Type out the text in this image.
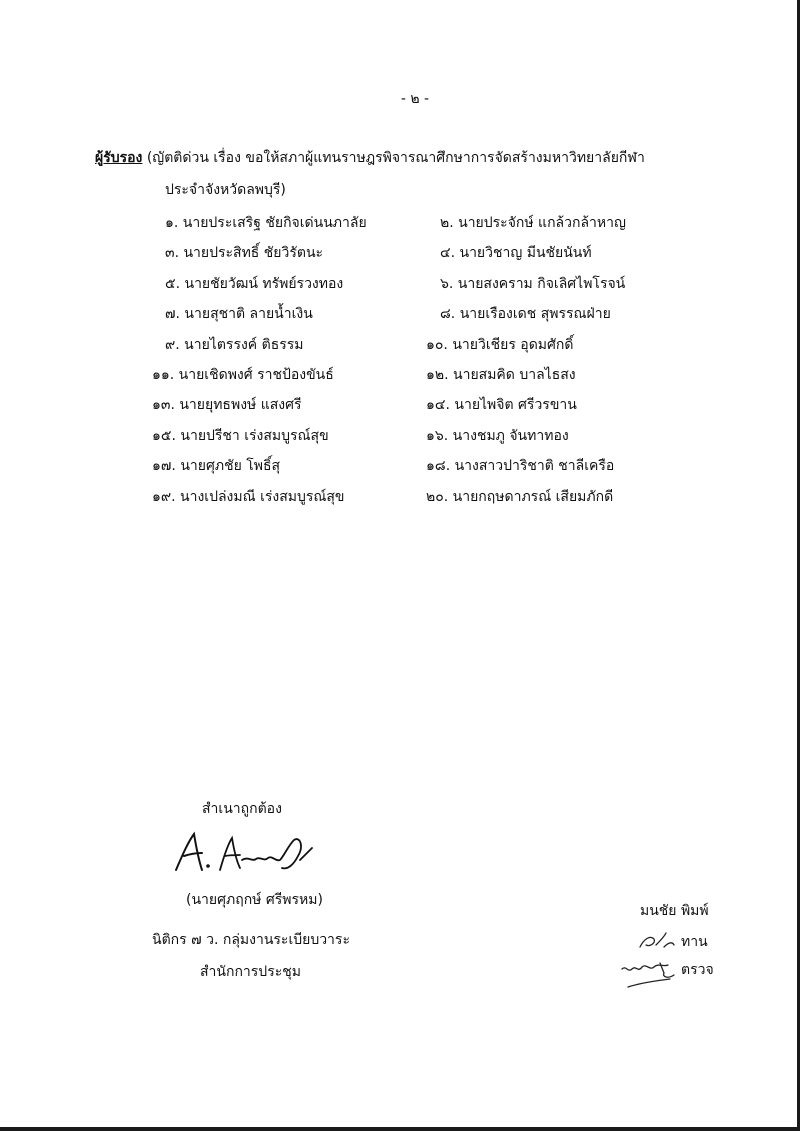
- ๒ -
ผู้รับรอง (ญัตติด่วน เรื่อง ขอให้สภาผู้แทนราษฎรพิจารณาศึกษาการจัดสร้างมหาวิทยาลัยกีฬา
ประจำจังหวัดลพบุรี)
๑. นายประเสริฐ ชัยกิจเด่นนภาลัย	๒. นายประจักษ์ แกล้วกล้าหาญ
๓. นายประสิทธิ์ ชัยวิรัตนะ	๔. นายวิชาญ มีนชัยนันท์
๕. นายชัยวัฒน์ ทรัพย์รวงทอง	๖. นายสงคราม กิจเลิศไพโรจน์
๗. นายสุชาติ ลายน้ำเงิน	๘. นายเรืองเดช สุพรรณฝ่าย
๙. นายไตรรงค์ ติธรรม	๑๐. นายวิเชียร อุดมศักดิ์
๑๑. นายเชิดพงศ์ ราชป้องขันธ์	๑๒. นายสมคิด บาลไธสง
๑๓. นายยุทธพงษ์ แสงศรี	๑๔. นายไพจิต ศรีวรขาน
๑๕. นายปรีชา เร่งสมบูรณ์สุข	๑๖. นางชมภู จันทาทอง
๑๗. นายศุภชัย โพธิ์สุ	๑๘. นางสาวปาริชาติ ชาลีเครือ
๑๙. นางเปล่งมณี เร่งสมบูรณ์สุข	๒๐. นายกฤษดาภรณ์ เสียมภักดี
สำเนาถูกต้อง
(นายศุภฤกษ์ ศรีพรหม)
นิติกร ๗ ว. กลุ่มงานระเบียบวาระ
สำนักการประชุม
มนชัย พิมพ์
ทาน
ตรวจ
